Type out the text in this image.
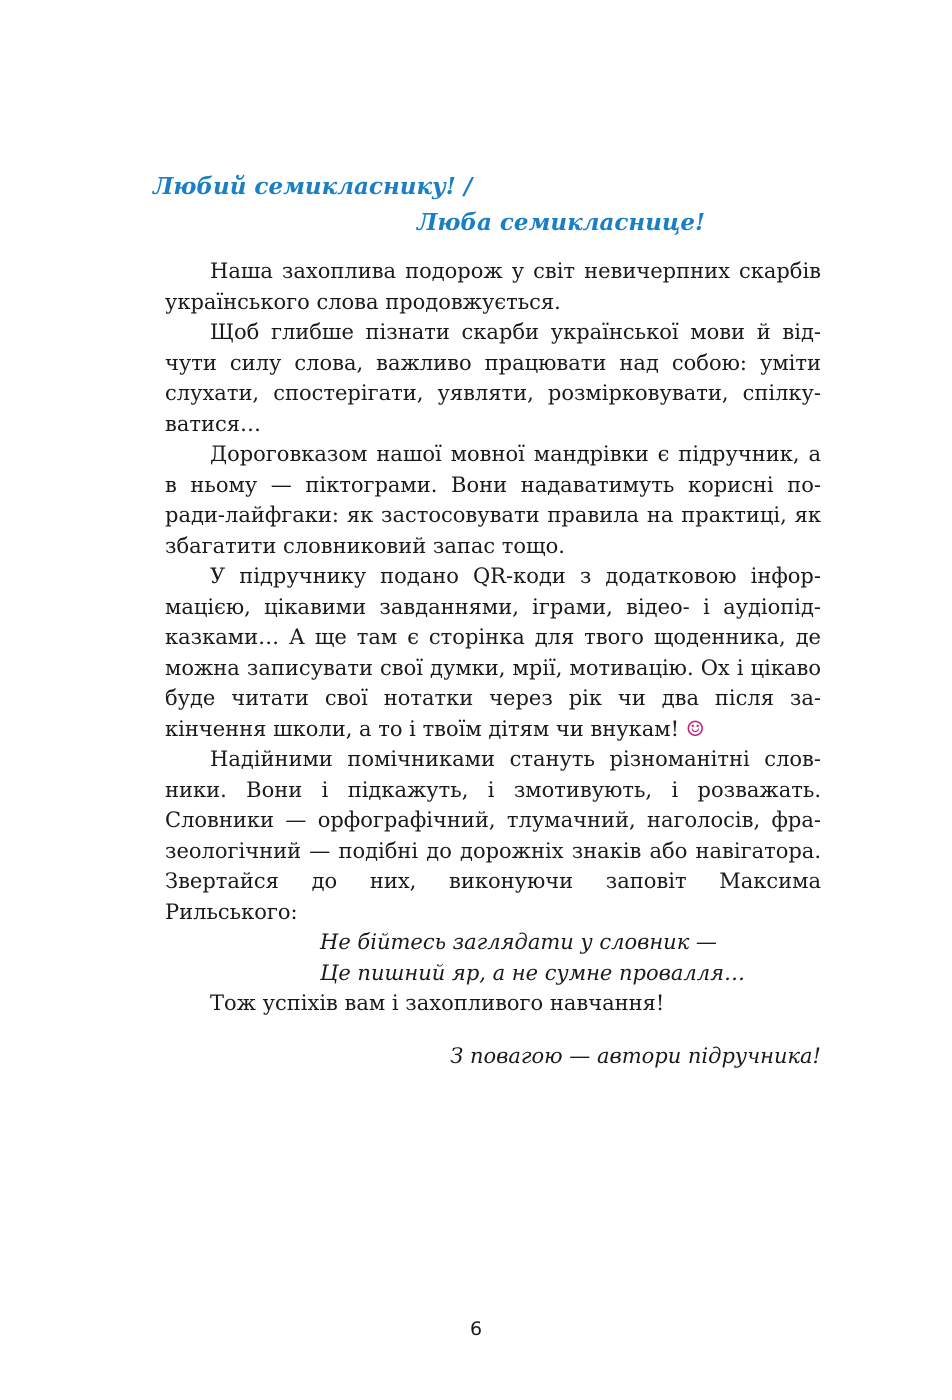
Любий семикласнику! /
Люба семикласнице!

Наша захоплива подорож у світ невичерпних скарбів українського слова продовжується.

Щоб глибше пізнати скарби української мови й відчути силу слова, важливо працювати над собою: уміти слухати, спостерігати, уявляти, розмірковувати, спілкуватися…

Дороговказом нашої мовної мандрівки є підручник, а в ньому — піктограми. Вони надаватимуть корисні поради-лайфгаки: як застосовувати правила на практиці, як збагатити словниковий запас тощо.

У підручнику подано QR-коди з додатковою інформацією, цікавими завданнями, іграми, відео- і аудіопідказками… А ще там є сторінка для твого щоденника, де можна записувати свої думки, мрії, мотивацію. Ох і цікаво буде читати свої нотатки через рік чи два після закінчення школи, а то і твоїм дітям чи внукам! ☺

Надійними помічниками стануть різноманітні словники. Вони і підкажуть, і змотивують, і розважать. Словники — орфографічний, тлумачний, наголосів, фразеологічний — подібні до дорожніх знаків або навігатора. Звертайся до них, виконуючи заповіт Максима Рильського:

Не бійтесь заглядати у словник —
Це пишний яр, а не сумне провалля…

Тож успіхів вам і захопливого навчання!

З повагою — автори підручника!

6
